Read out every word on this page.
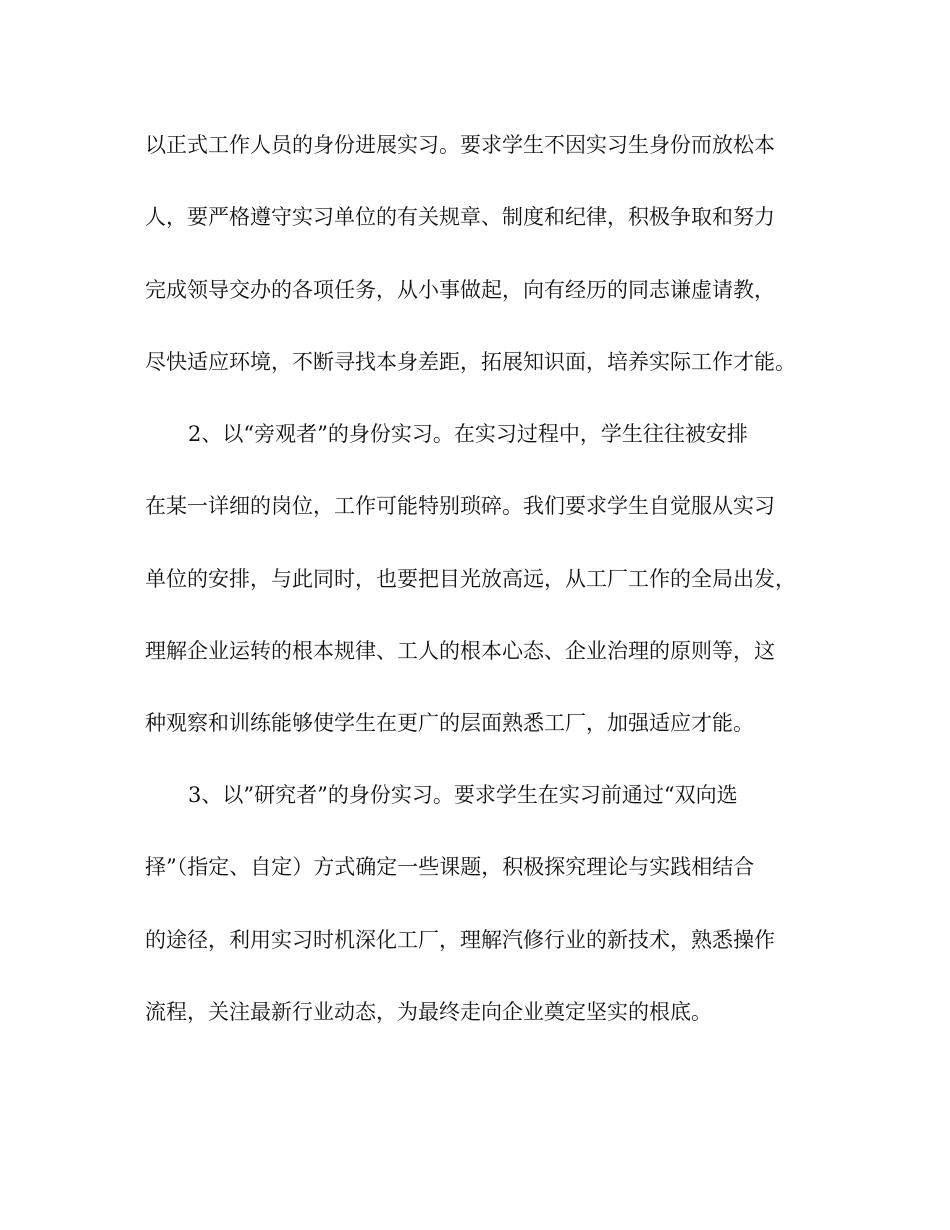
以正式工作人员的身份进展实习。要求学生不因实习生身份而放松本
人，要严格遵守实习单位的有关规章、制度和纪律，积极争取和努力
完成领导交办的各项任务，从小事做起，向有经历的同志谦虚请教，
尽快适应环境，不断寻找本身差距，拓展知识面，培养实际工作才能。
2、以“旁观者”的身份实习。在实习过程中，学生往往被安排
在某一详细的岗位，工作可能特别琐碎。我们要求学生自觉服从实习
单位的安排，与此同时，也要把目光放高远，从工厂工作的全局出发，
理解企业运转的根本规律、工人的根本心态、企业治理的原则等，这
种观察和训练能够使学生在更广的层面熟悉工厂，加强适应才能。
3、以”研究者”的身份实习。要求学生在实习前通过“双向选
择”（指定、自定）方式确定一些课题，积极探究理论与实践相结合
的途径，利用实习时机深化工厂，理解汽修行业的新技术，熟悉操作
流程，关注最新行业动态，为最终走向企业奠定坚实的根底。
